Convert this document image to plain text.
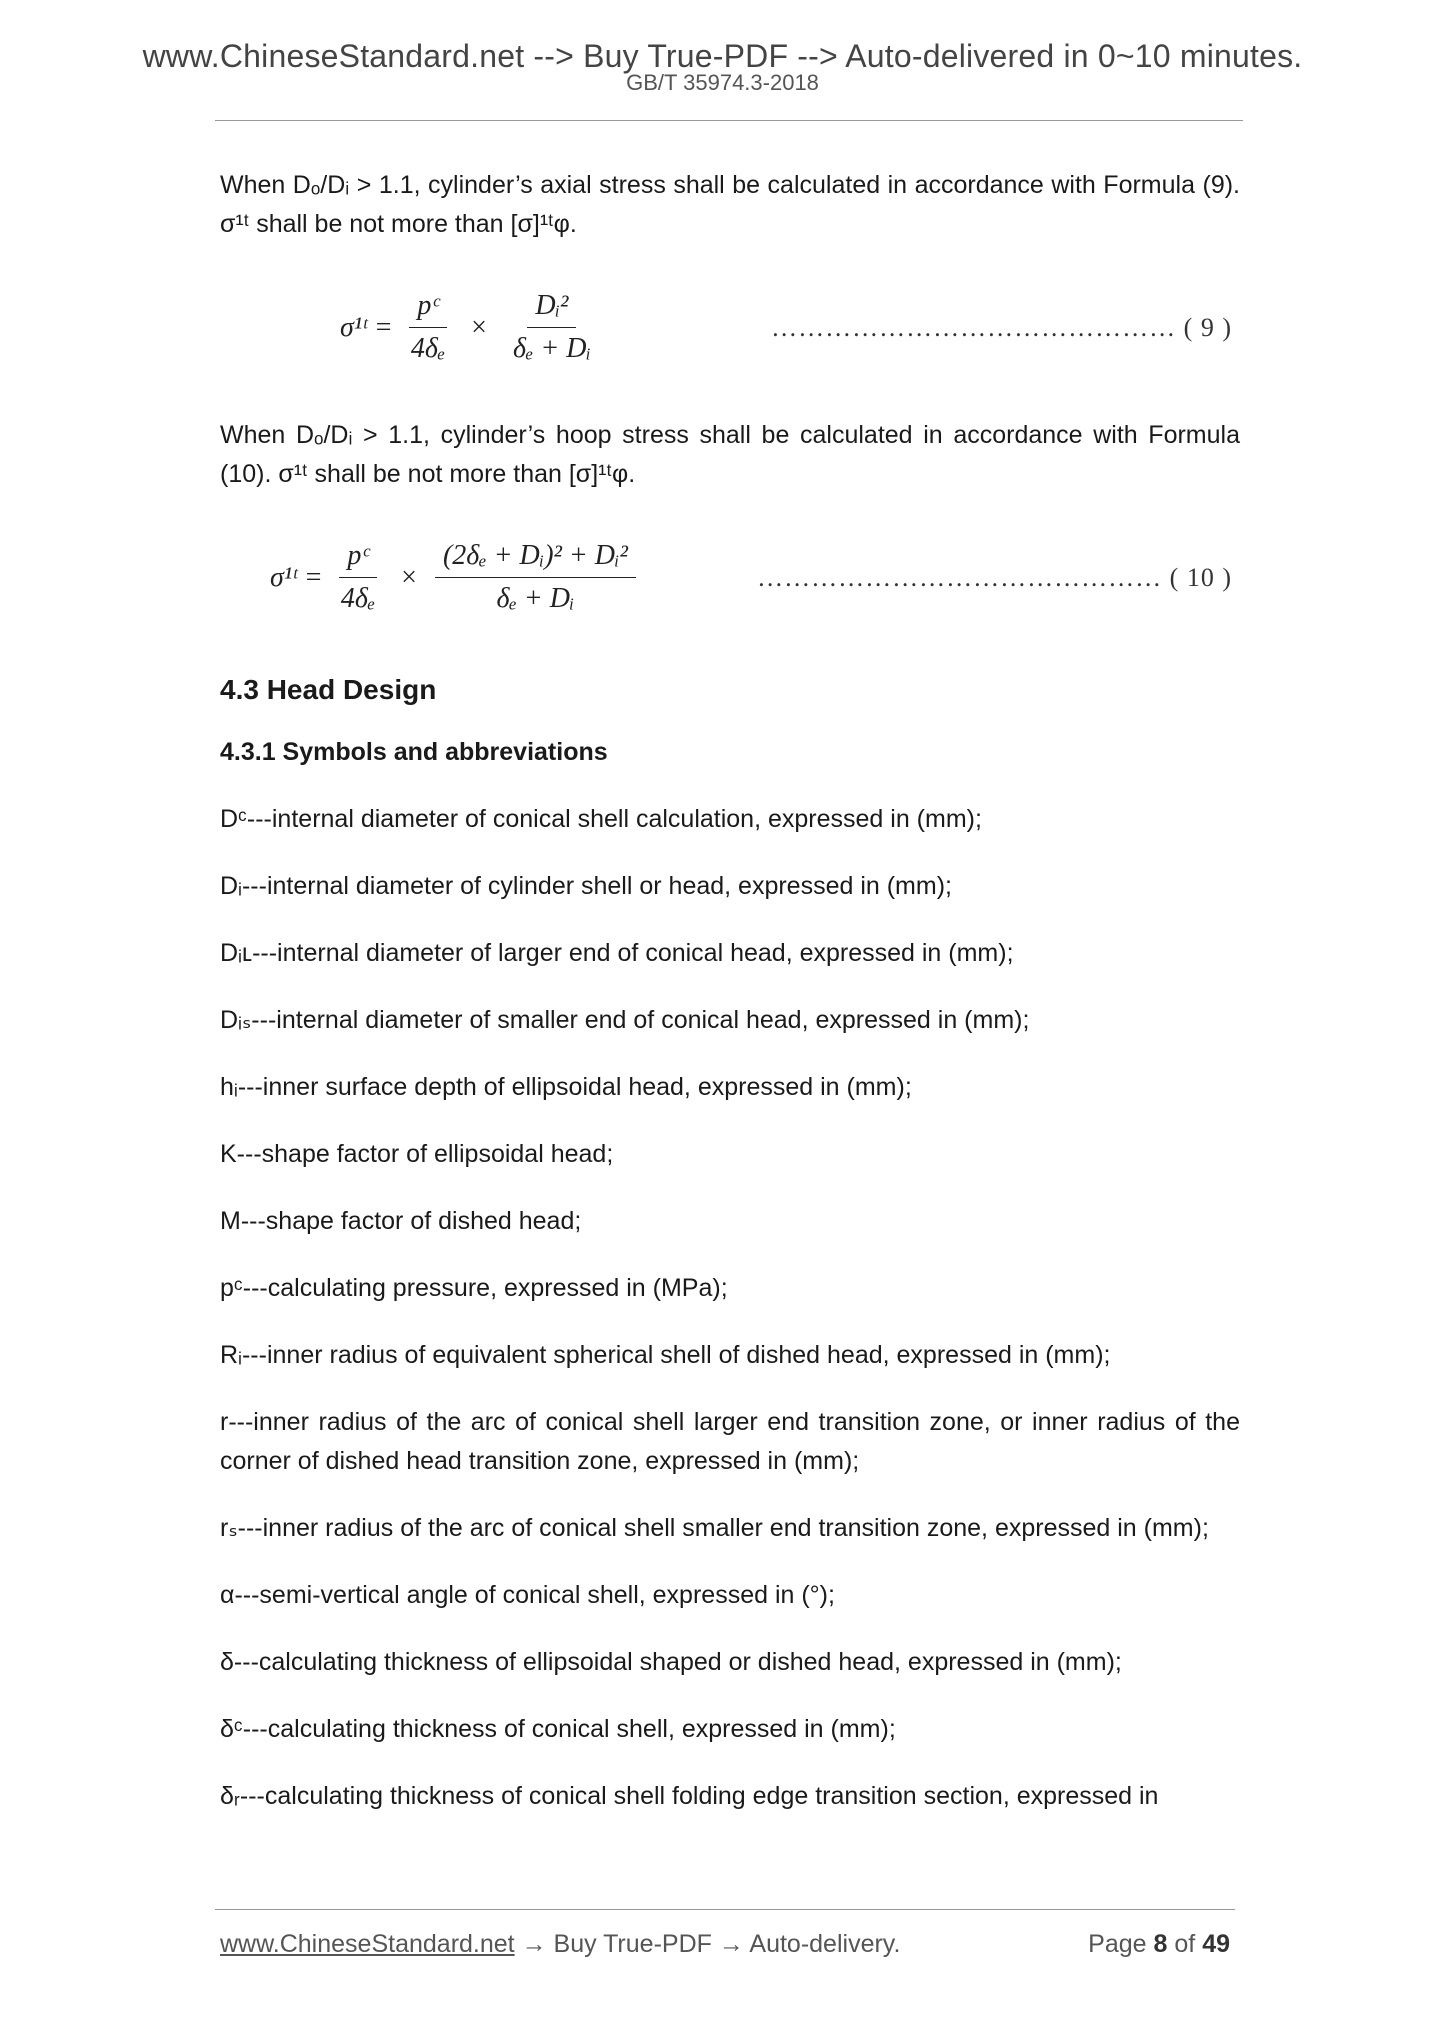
www.ChineseStandard.net --> Buy True-PDF --> Auto-delivered in 0~10 minutes.
GB/T 35974.3-2018

When Dₒ/Dᵢ > 1.1, cylinder’s axial stress shall be calculated in accordance with Formula (9). σ¹ᵗ shall be not more than [σ]¹ᵗφ.

σ¹ᵗ = $\frac{\text{pᶜ}}{\text{4δₑ}} \times \frac{\text{Dᵢ²}}{\text{δₑ + Dᵢ}}$	……………………………………… ( 9 )

When Dₒ/Dᵢ > 1.1, cylinder’s hoop stress shall be calculated in accordance with Formula (10). σ¹ᵗ shall be not more than [σ]¹ᵗφ.

σ¹ᵗ = $\frac{\text{pᶜ}}{\text{4δₑ}} \times \frac{\text{(2δₑ + Dᵢ)² + Dᵢ²}}{\text{δₑ + Dᵢ}}$	……………………………………… ( 10 )
4.3 Head Design
4.3.1 Symbols and abbreviations

Dᶜ---internal diameter of conical shell calculation, expressed in (mm);

Dᵢ---internal diameter of cylinder shell or head, expressed in (mm);

Dᵢʟ---internal diameter of larger end of conical head, expressed in (mm);

Dᵢₛ---internal diameter of smaller end of conical head, expressed in (mm);

hᵢ---inner surface depth of ellipsoidal head, expressed in (mm);

K---shape factor of ellipsoidal head;

M---shape factor of dished head;

pᶜ---calculating pressure, expressed in (MPa);

Rᵢ---inner radius of equivalent spherical shell of dished head, expressed in (mm);

r---inner radius of the arc of conical shell larger end transition zone, or inner radius of the corner of dished head transition zone, expressed in (mm);

rₛ---inner radius of the arc of conical shell smaller end transition zone, expressed in (mm);

α---semi-vertical angle of conical shell, expressed in (°);

δ---calculating thickness of ellipsoidal shaped or dished head, expressed in (mm);

δᶜ---calculating thickness of conical shell, expressed in (mm);

δᵣ---calculating thickness of conical shell folding edge transition section, expressed in

www.ChineseStandard.net → Buy True-PDF → Auto-delivery.	Page 8 of 49
